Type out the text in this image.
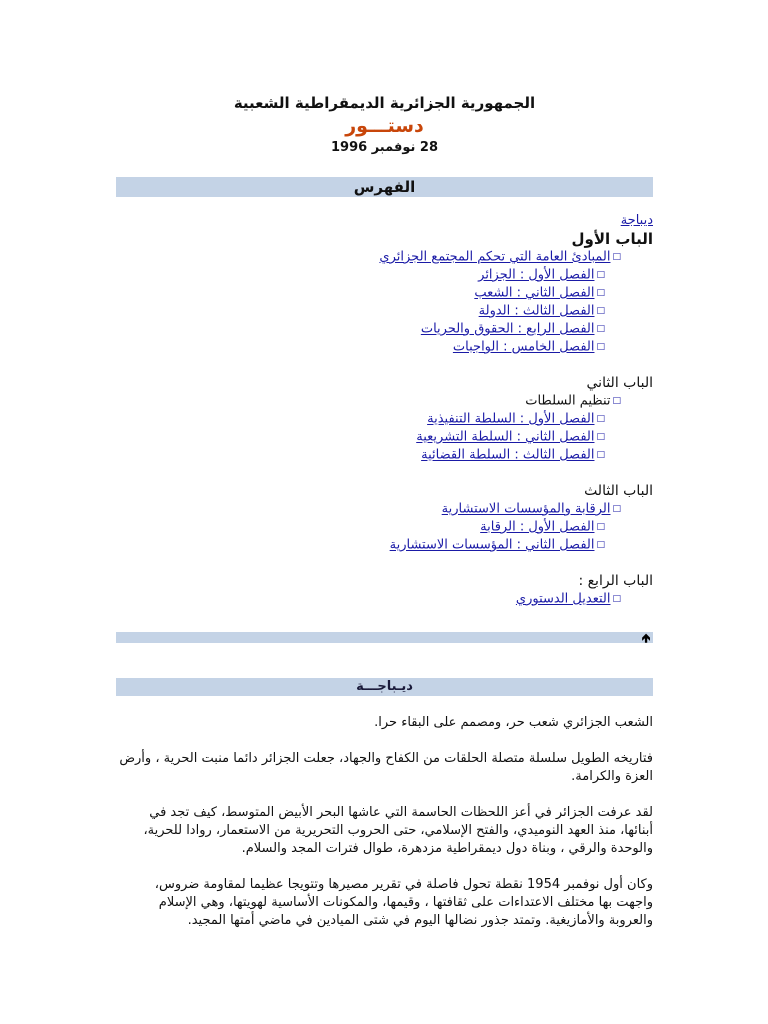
الجمهورية الجزائرية الديمقراطية الشعبية
دستـــور
28 نوفمبر 1996
الفهرس
ديباجة
الباب الأول
□المبادئ العامة التي تحكم المجتمع الجزائري
□الفصل الأول : الجزائر
□الفصل الثاني : الشعب
□الفصل الثالث : الدولة
□الفصل الرابع : الحقوق والحريات
□الفصل الخامس : الواجبات
الباب الثاني
□تنظيم السلطات
□الفصل الأول : السلطة التنفيذية
□الفصل الثاني : السلطة التشريعية
□الفصل الثالث : السلطة القضائية
الباب الثالث
□الرقابة والمؤسسات الاستشارية
□الفصل الأول : الرقابة
□الفصل الثاني : المؤسسات الاستشارية
الباب الرابع :
□التعديل الدستوري
🡹
ديـباجـــة

الشعب الجزائري شعب حر، ومصمم على البقاء حرا.

فتاريخه الطويل سلسلة متصلة الحلقات من الكفاح والجهاد، جعلت الجزائر دائما منبت الحرية ، وأرض العزة والكرامة.

لقد عرفت الجزائر في أعز اللحظات الحاسمة التي عاشها البحر الأبيض المتوسط، كيف تجد في أبنائها، منذ العهد النوميدي، والفتح الإسلامي، حتى الحروب التحريرية من الاستعمار، روادا للحرية، والوحدة والرقي ، وبناة دول ديمقراطية مزدهرة، طوال فترات المجد والسلام.

وكان أول نوفمبر 1954 نقطة تحول فاصلة في تقرير مصيرها وتتويجا عظيما لمقاومة ضروس، واجهت بها مختلف الاعتداءات على ثقافتها ، وقيمها، والمكونات الأساسية لهويتها، وهي الإسلام والعروبة والأمازيغية. وتمتد جذور نضالها اليوم في شتى الميادين في ماضي أمتها المجيد.
